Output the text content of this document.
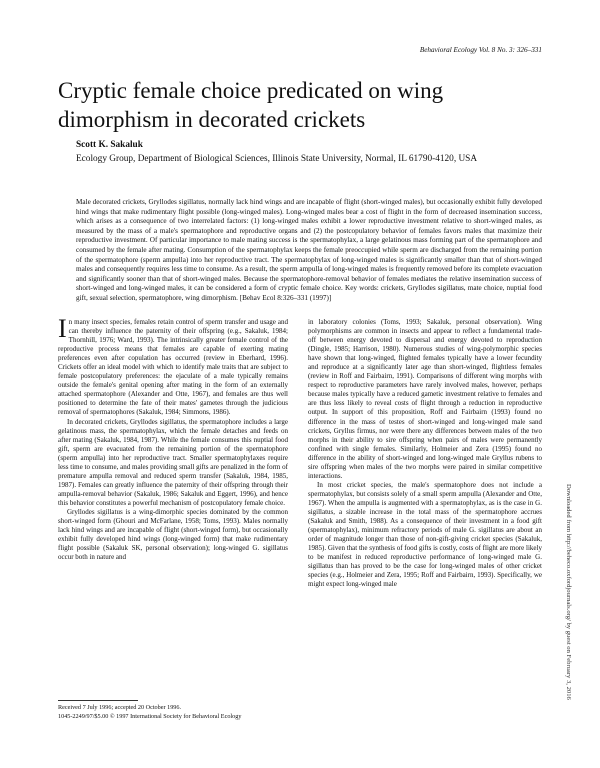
Behavioral Ecology Vol. 8 No. 3: 326–331
Cryptic female choice predicated on wing dimorphism in decorated crickets
Scott K. Sakaluk
Ecology Group, Department of Biological Sciences, Illinois State University, Normal, IL 61790-4120, USA

Male decorated crickets, Gryllodes sigillatus, normally lack hind wings and are incapable of flight (short-winged males), but occasionally exhibit fully developed hind wings that make rudimentary flight possible (long-winged males). Long-winged males bear a cost of flight in the form of decreased insemination success, which arises as a consequence of two interrelated factors: (1) long-winged males exhibit a lower reproductive investment relative to short-winged males, as measured by the mass of a male's spermatophore and reproductive organs and (2) the postcopulatory behavior of females favors males that maximize their reproductive investment. Of particular importance to male mating success is the spermatophylax, a large gelatinous mass forming part of the spermatophore and consumed by the female after mating. Consumption of the spermatophylax keeps the female preoccupied while sperm are discharged from the remaining portion of the spermatophore (sperm ampulla) into her reproductive tract. The spermatophylax of long-winged males is significantly smaller than that of short-winged males and consequently requires less time to consume. As a result, the sperm ampulla of long-winged males is frequently removed before its complete evacuation and significantly sooner than that of short-winged males. Because the spermatophore-removal behavior of females mediates the relative insemination success of short-winged and long-winged males, it can be considered a form of cryptic female choice. Key words: crickets, Gryllodes sigillatus, mate choice, nuptial food gift, sexual selection, spermatophore, wing dimorphism. [Behav Ecol 8:326–331 (1997)]

In many insect species, females retain control of sperm transfer and usage and can thereby influence the paternity of their offspring (e.g., Sakaluk, 1984; Thornhill, 1976; Ward, 1993). The intrinsically greater female control of the reproductive process means that females are capable of exerting mating preferences even after copulation has occurred (review in Eberhard, 1996). Crickets offer an ideal model with which to identify male traits that are subject to female postcopulatory preferences: the ejaculate of a male typically remains outside the female's genital opening after mating in the form of an externally attached spermatophore (Alexander and Otte, 1967), and females are thus well positioned to determine the fate of their mates' gametes through the judicious removal of spermatophores (Sakaluk, 1984; Simmons, 1986).

In decorated crickets, Gryllodes sigillatus, the spermatophore includes a large gelatinous mass, the spermatophylax, which the female detaches and feeds on after mating (Sakaluk, 1984, 1987). While the female consumes this nuptial food gift, sperm are evacuated from the remaining portion of the spermatophore (sperm ampulla) into her reproductive tract. Smaller spermatophylaxes require less time to consume, and males providing small gifts are penalized in the form of premature ampulla removal and reduced sperm transfer (Sakaluk, 1984, 1985, 1987). Females can greatly influence the paternity of their offspring through their ampulla-removal behavior (Sakaluk, 1986; Sakaluk and Eggert, 1996), and hence this behavior constitutes a powerful mechanism of postcopulatory female choice.

Gryllodes sigillatus is a wing-dimorphic species dominated by the common short-winged form (Ghouri and McFarlane, 1958; Toms, 1993). Males normally lack hind wings and are incapable of flight (short-winged form), but occasionally exhibit fully developed hind wings (long-winged form) that make rudimentary flight possible (Sakaluk SK, personal observation); long-winged G. sigillatus occur both in nature and

in laboratory colonies (Toms, 1993; Sakaluk, personal observation). Wing polymorphisms are common in insects and appear to reflect a fundamental trade-off between energy devoted to dispersal and energy devoted to reproduction (Dingle, 1985; Harrison, 1980). Numerous studies of wing-polymorphic species have shown that long-winged, flighted females typically have a lower fecundity and reproduce at a significantly later age than short-winged, flightless females (review in Roff and Fairbairn, 1991). Comparisons of different wing morphs with respect to reproductive parameters have rarely involved males, however, perhaps because males typically have a reduced gametic investment relative to females and are thus less likely to reveal costs of flight through a reduction in reproductive output. In support of this proposition, Roff and Fairbairn (1993) found no difference in the mass of testes of short-winged and long-winged male sand crickets, Gryllus firmus, nor were there any differences between males of the two morphs in their ability to sire offspring when pairs of males were permanently confined with single females. Similarly, Holmeier and Zera (1995) found no difference in the ability of short-winged and long-winged male Gryllus rubens to sire offspring when males of the two morphs were paired in similar competitive interactions.

In most cricket species, the male's spermatophore does not include a spermatophylax, but consists solely of a small sperm ampulla (Alexander and Otte, 1967). When the ampulla is augmented with a spermatophylax, as is the case in G. sigillatus, a sizable increase in the total mass of the spermatophore accrues (Sakaluk and Smith, 1988). As a consequence of their investment in a food gift (spermatophylax), minimum refractory periods of male G. sigillatus are about an order of magnitude longer than those of non-gift-giving cricket species (Sakaluk, 1985). Given that the synthesis of food gifts is costly, costs of flight are more likely to be manifest in reduced reproductive performance of long-winged male G. sigillatus than has proved to be the case for long-winged males of other cricket species (e.g., Holmeier and Zera, 1995; Roff and Fairbairn, 1993). Specifically, we might expect long-winged male

Received 7 July 1996; accepted 20 October 1996.
1045-2249/97/$5.00 © 1997 International Society for Behavioral Ecology
Downloaded from http://beheco.oxfordjournals.org/ by guest on February 3, 2016
